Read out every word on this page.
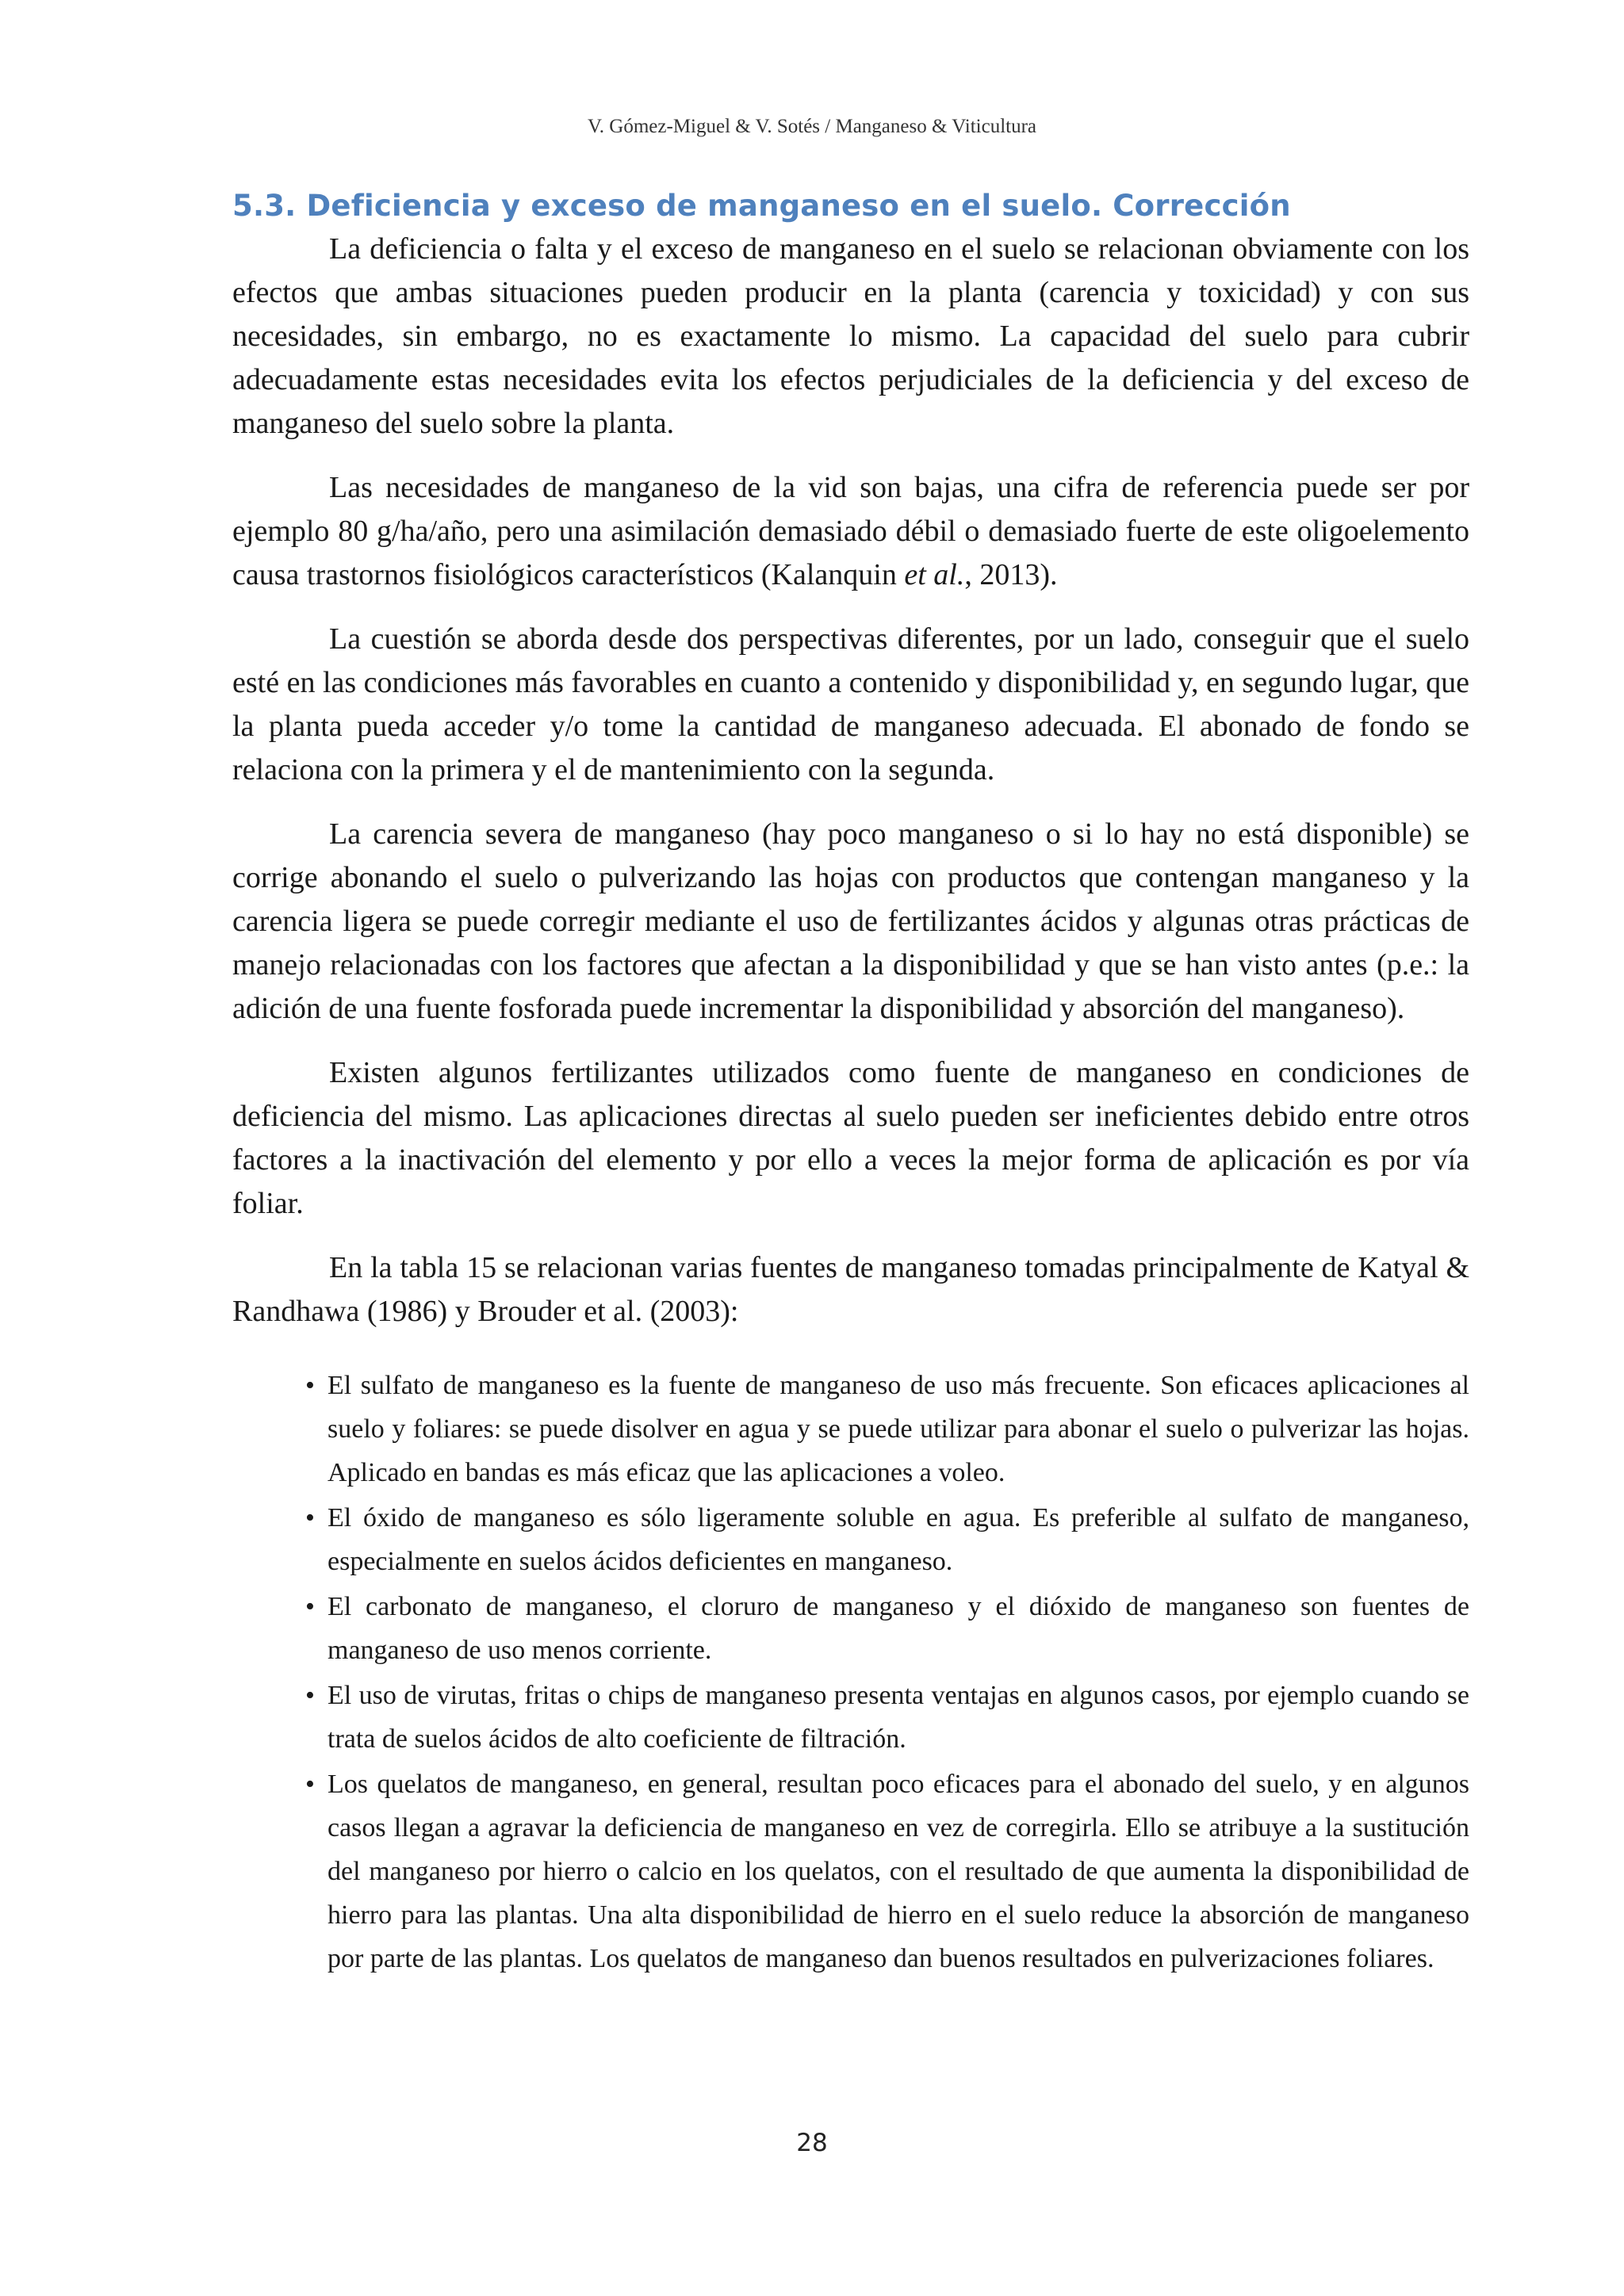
V. Gómez-Miguel & V. Sotés / Manganeso & Viticultura
5.3. Deficiencia y exceso de manganeso en el suelo. Corrección

La deficiencia o falta y el exceso de manganeso en el suelo se relacionan obviamente con los efectos que ambas situaciones pueden producir en la planta (carencia y toxicidad) y con sus necesidades, sin embargo, no es exactamente lo mismo. La capacidad del suelo para cubrir adecuadamente estas necesidades evita los efectos perjudiciales de la deficiencia y del exceso de manganeso del suelo sobre la planta.

Las necesidades de manganeso de la vid son bajas, una cifra de referencia puede ser por ejemplo 80 g/ha/año, pero una asimilación demasiado débil o demasiado fuerte de este oligoelemento causa trastornos fisiológicos característicos (Kalanquin et al., 2013).

La cuestión se aborda desde dos perspectivas diferentes, por un lado, conseguir que el suelo esté en las condiciones más favorables en cuanto a contenido y disponibilidad y, en segundo lugar, que la planta pueda acceder y/o tome la cantidad de manganeso adecuada. El abonado de fondo se relaciona con la primera y el de mantenimiento con la segunda.

La carencia severa de manganeso (hay poco manganeso o si lo hay no está disponible) se corrige abonando el suelo o pulverizando las hojas con productos que contengan manganeso y la carencia ligera se puede corregir mediante el uso de fertilizantes ácidos y algunas otras prácticas de manejo relacionadas con los factores que afectan a la disponibilidad y que se han visto antes (p.e.: la adición de una fuente fosforada puede incrementar la disponibilidad y absorción del manganeso).

Existen algunos fertilizantes utilizados como fuente de manganeso en condiciones de deficiencia del mismo. Las aplicaciones directas al suelo pueden ser ineficientes debido entre otros factores a la inactivación del elemento y por ello a veces la mejor forma de aplicación es por vía foliar.

En la tabla 15 se relacionan varias fuentes de manganeso tomadas principalmente de Katyal & Randhawa (1986) y Brouder et al. (2003):

• El sulfato de manganeso es la fuente de manganeso de uso más frecuente. Son eficaces aplicaciones al suelo y foliares: se puede disolver en agua y se puede utilizar para abonar el suelo o pulverizar las hojas. Aplicado en bandas es más eficaz que las aplicaciones a voleo.
• El óxido de manganeso es sólo ligeramente soluble en agua. Es preferible al sulfato de manganeso, especialmente en suelos ácidos deficientes en manganeso.
• El carbonato de manganeso, el cloruro de manganeso y el dióxido de manganeso son fuentes de manganeso de uso menos corriente.
• El uso de virutas, fritas o chips de manganeso presenta ventajas en algunos casos, por ejemplo cuando se trata de suelos ácidos de alto coeficiente de filtración.
• Los quelatos de manganeso, en general, resultan poco eficaces para el abonado del suelo, y en algunos casos llegan a agravar la deficiencia de manganeso en vez de corregirla. Ello se atribuye a la sustitución del manganeso por hierro o calcio en los quelatos, con el resultado de que aumenta la disponibilidad de hierro para las plantas. Una alta disponibilidad de hierro en el suelo reduce la absorción de manganeso por parte de las plantas. Los quelatos de manganeso dan buenos resultados en pulverizaciones foliares.
28
